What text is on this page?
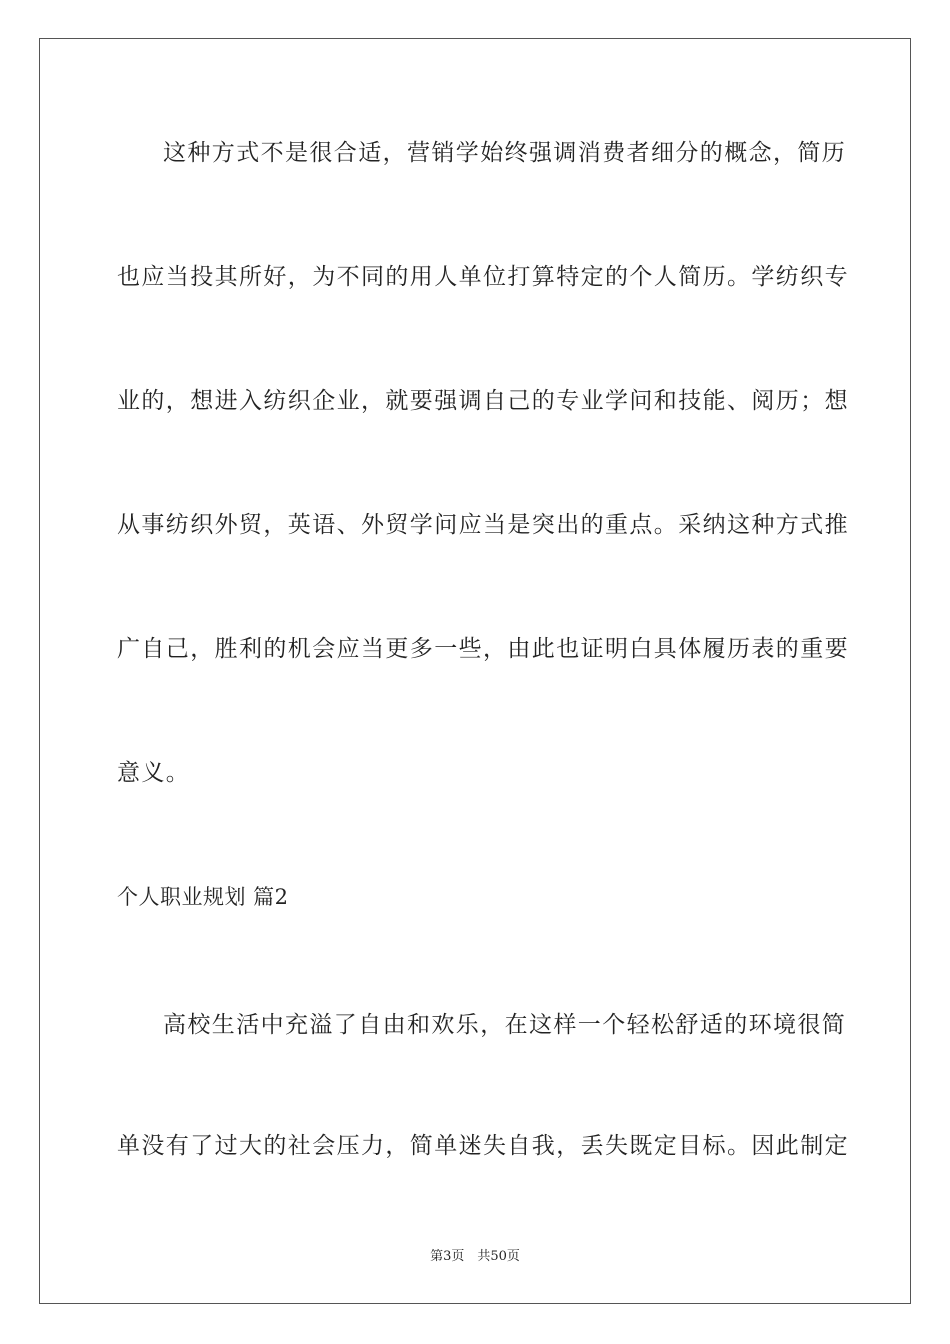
这种方式不是很合适，营销学始终强调消费者细分的概念，简历
也应当投其所好，为不同的用人单位打算特定的个人简历。学纺织专
业的，想进入纺织企业，就要强调自己的专业学问和技能、阅历；想
从事纺织外贸，英语、外贸学问应当是突出的重点。采纳这种方式推
广自己，胜利的机会应当更多一些，由此也证明白具体履历表的重要
意义。
个人职业规划 篇2
高校生活中充溢了自由和欢乐，在这样一个轻松舒适的环境很简
单没有了过大的社会压力，简单迷失自我，丢失既定目标。因此制定
第3页　共50页
